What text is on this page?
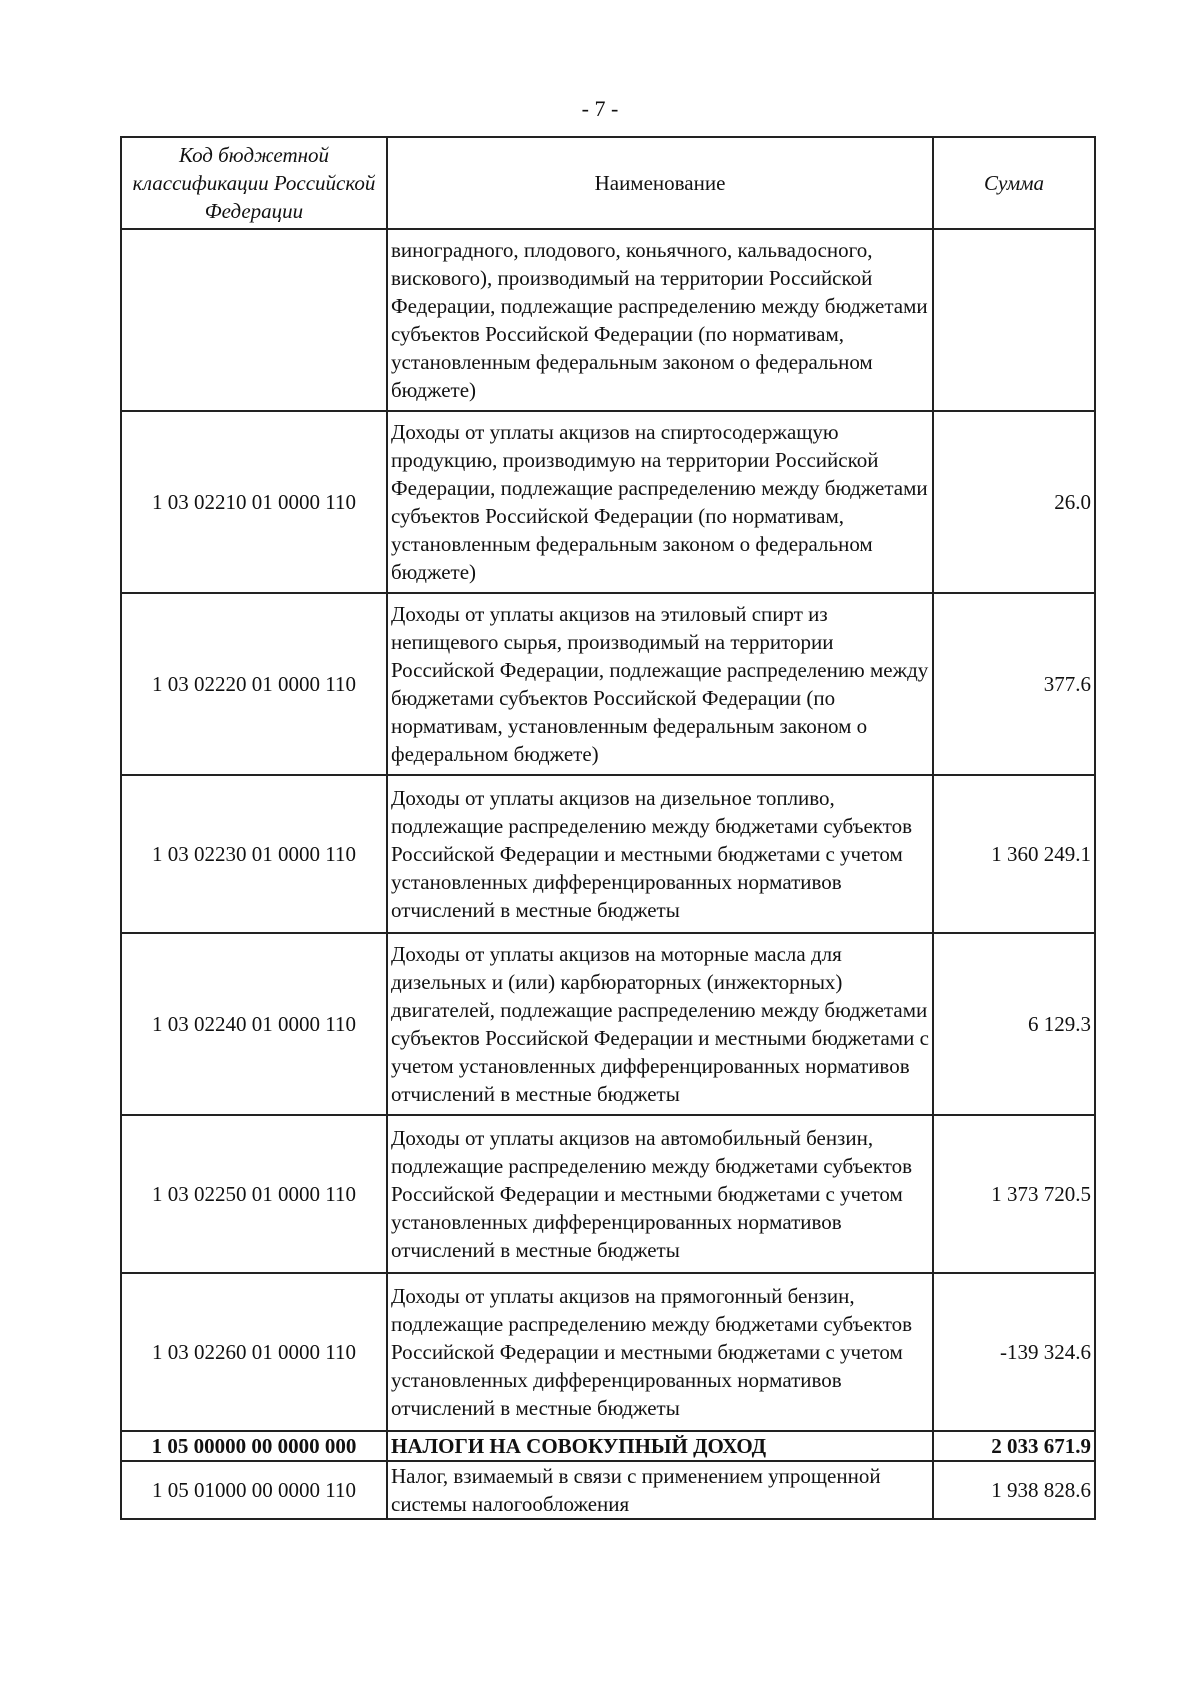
- 7 -
Код бюджетной классификации Российской Федерации	Наименование	Сумма
	виноградного, плодового, коньячного, кальвадосного, вискового), производимый на территории Российской Федерации, подлежащие распределению между бюджетами субъектов Российской Федерации (по нормативам, установленным федеральным законом о федеральном бюджете)	
1 03 02210 01 0000 110	Доходы от уплаты акцизов на спиртосодержащую продукцию, производимую на территории Российской Федерации, подлежащие распределению между бюджетами субъектов Российской Федерации (по нормативам, установленным федеральным законом о федеральном бюджете)	26.0
1 03 02220 01 0000 110	Доходы от уплаты акцизов на этиловый спирт из непищевого сырья, производимый на территории Российской Федерации, подлежащие распределению между бюджетами субъектов Российской Федерации (по нормативам, установленным федеральным законом о федеральном бюджете)	377.6
1 03 02230 01 0000 110	Доходы от уплаты акцизов на дизельное топливо, подлежащие распределению между бюджетами субъектов Российской Федерации и местными бюджетами с учетом установленных дифференцированных нормативов отчислений в местные бюджеты	1 360 249.1
1 03 02240 01 0000 110	Доходы от уплаты акцизов на моторные масла для дизельных и (или) карбюраторных (инжекторных) двигателей, подлежащие распределению между бюджетами субъектов Российской Федерации и местными бюджетами с учетом установленных дифференцированных нормативов отчислений в местные бюджеты	6 129.3
1 03 02250 01 0000 110	Доходы от уплаты акцизов на автомобильный бензин, подлежащие распределению между бюджетами субъектов Российской Федерации и местными бюджетами с учетом установленных дифференцированных нормативов отчислений в местные бюджеты	1 373 720.5
1 03 02260 01 0000 110	Доходы от уплаты акцизов на прямогонный бензин, подлежащие распределению между бюджетами субъектов Российской Федерации и местными бюджетами с учетом установленных дифференцированных нормативов отчислений в местные бюджеты	-139 324.6
1 05 00000 00 0000 000	НАЛОГИ НА СОВОКУПНЫЙ ДОХОД	2 033 671.9
1 05 01000 00 0000 110	Налог, взимаемый в связи с применением упрощенной системы налогообложения	1 938 828.6
